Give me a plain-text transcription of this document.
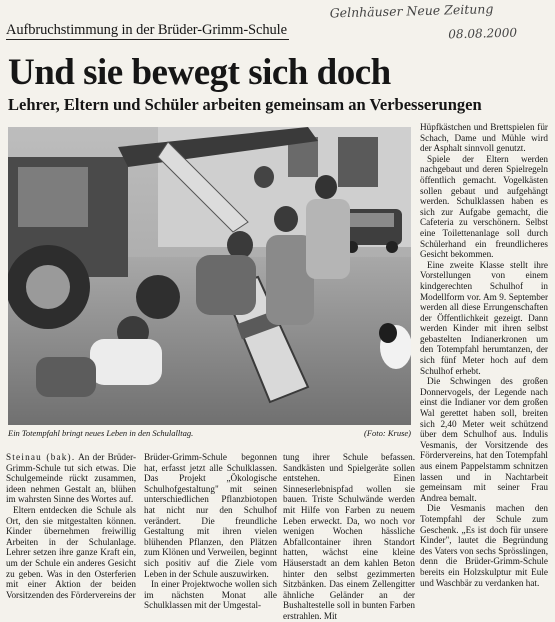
Gelnhäuser Neue Zeitung
08.08.2000
Aufbruchstimmung in der Brüder-Grimm-Schule
Und sie bewegt sich doch
Lehrer, Eltern und Schüler arbeiten gemeinsam an Verbesserungen
Ein Totempfahl bringt neues Leben in den Schulalltag.	(Foto: Kruse)

Steinau (bak). An der Brüder-Grimm-Schule tut sich etwas. Die Schulgemeinde rückt zusammen, ideen nehmen Gestalt an, blühen im wahrsten Sinne des Wortes auf.

Eltern entdecken die Schule als Ort, den sie mitgestalten können. Kinder übernehmen freiwillig Arbeiten in der Schulanlage. Lehrer setzen ihre ganze Kraft ein, um der Schule ein anderes Gesicht zu geben. Was in den Osterferien mit einer Aktion der beiden Vorsitzenden des Fördervereins der

Brüder-Grimm-Schule begonnen hat, erfasst jetzt alle Schulklassen. Das Projekt „Ökologische Schulhofgestaltung" mit seinen unterschiedlichen Pflanzbiotopen hat nicht nur den Schulhof verändert. Die freundliche Gestaltung mit ihren vielen blühenden Pflanzen, den Plätzen zum Klönen und Verweilen, beginnt sich positiv auf die Ziele vom Leben in der Schule auszuwirken.

In einer Projektwoche wollen sich im nächsten Monat alle Schulklassen mit der Umgestal-

tung ihrer Schule befassen. Sandkästen und Spielgeräte sollen entstehen. Einen Sinneserlebnispfad wollen sie bauen. Triste Schulwände werden mit Hilfe von Farben zu neuem Leben erweckt. Da, wo noch vor wenigen Wochen hässliche Abfallcontainer ihren Standort hatten, wächst eine kleine Häuserstadt an dem kahlen Beton hinter den selbst gezimmerten Sitzbänken. Das einem Zellengitter ähnliche Geländer an der Bushaltestelle soll in bunten Farben erstrahlen. Mit

Hüpfkästchen und Brettspielen für Schach, Dame und Mühle wird der Asphalt sinnvoll genutzt.

Spiele der Eltern werden nachgebaut und deren Spielregeln öffentlich gemacht. Vogelkästen sollen gebaut und aufgehängt werden. Schulklassen haben es sich zur Aufgabe gemacht, die Cafeteria zu verschönern. Selbst eine Toilettenanlage soll durch Schülerhand ein freundlicheres Gesicht bekommen.

Eine zweite Klasse stellt ihre Vorstellungen von einem kindgerechten Schulhof in Modellform vor. Am 9. September werden all diese Errungenschaften der Öffentlichkeit gezeigt. Dann werden Kinder mit ihren selbst gebastelten Indianerkronen um den Totempfahl herumtanzen, der sich fünf Meter hoch auf dem Schulhof erhebt.

Die Schwingen des großen Donnervogels, der Legende nach einst die Indianer vor dem großen Wal gerettet haben soll, breiten sich 2,40 Meter weit schützend über dem Schulhof aus. Indulis Vesmanis, der Vorsitzende des Fördervereins, hat den Totempfahl aus einem Pappelstamm schnitzen lassen und in Nachtarbeit gemeinsam mit seiner Frau Andrea bemalt.

Die Vesmanis machen den Totempfahl der Schule zum Geschenk. „Es ist doch für unsere Kinder", lautet die Begründung des Vaters von sechs Sprösslingen, denn die Brüder-Grimm-Schule bereits ein Holzskulptur mit Eule und Waschbär zu verdanken hat.
